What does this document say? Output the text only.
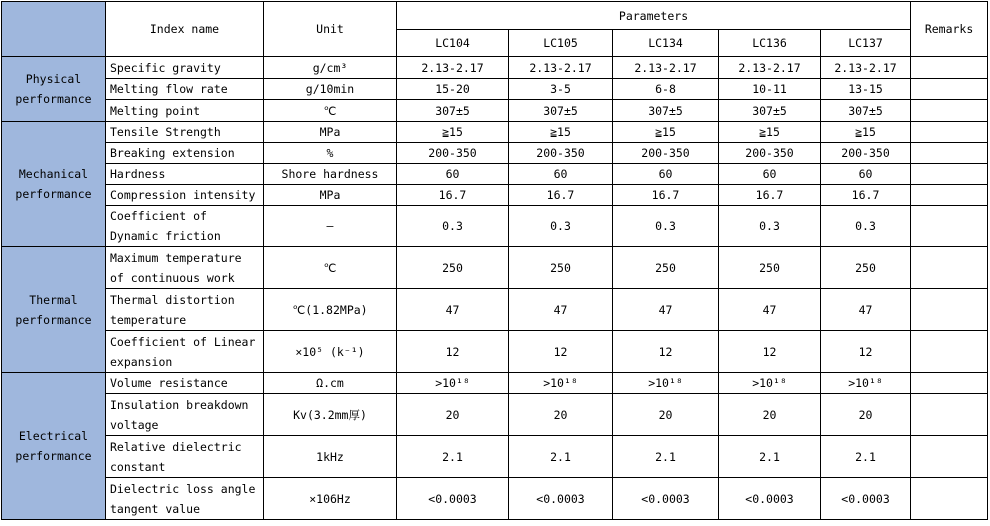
	Index name	Unit	Parameters					Remarks
			LC104	LC105	LC134	LC136	LC137	
Physical performance	Specific gravity	g/cm³	2.13-2.17	2.13-2.17	2.13-2.17	2.13-2.17	2.13-2.17	
	Melting flow rate	g/10min	15-20	3-5	6-8	10-11	13-15	
	Melting point	℃	307±5	307±5	307±5	307±5	307±5	
Mechanical performance	Tensile Strength	MPa	≧15	≧15	≧15	≧15	≧15	
	Breaking extension	%	200-350	200-350	200-350	200-350	200-350	
	Hardness	Shore hardness	60	60	60	60	60	
	Compression intensity	MPa	16.7	16.7	16.7	16.7	16.7	
	Coefficient of Dynamic friction	—	0.3	0.3	0.3	0.3	0.3	
Thermal performance	Maximum temperature of continuous work	℃	250	250	250	250	250	
	Thermal distortion temperature	℃(1.82MPa)	47	47	47	47	47	
	Coefficient of Linear expansion	×10⁵ (k⁻¹)	12	12	12	12	12	
Electrical performance	Volume resistance	Ω.cm	>10¹⁸	>10¹⁸	>10¹⁸	>10¹⁸	>10¹⁸	
	Insulation breakdown voltage	Kv(3.2mm厚)	20	20	20	20	20	
	Relative dielectric constant	1kHz	2.1	2.1	2.1	2.1	2.1	
	Dielectric loss angle tangent value	×106Hz	<0.0003	<0.0003	<0.0003	<0.0003	<0.0003	
